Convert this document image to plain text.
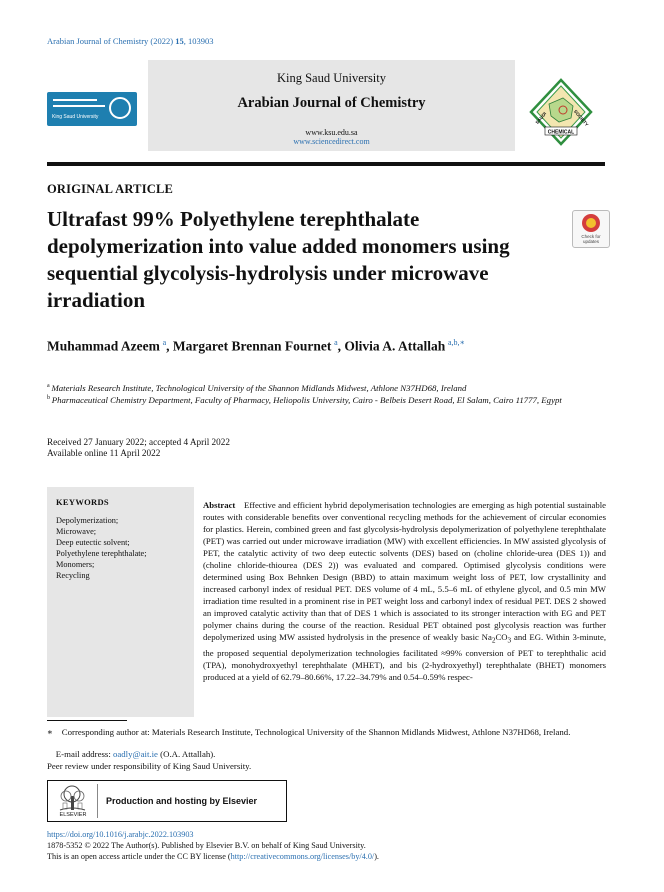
Arabian Journal of Chemistry (2022) 15, 103903
King Saud University
King Saud University
Arabian Journal of Chemistry
www.ksu.edu.sa
www.sciencedirect.com
CHEMICAL
SAUDI	SOCIETY
ORIGINAL ARTICLE
Ultrafast 99% Polyethylene terephthalate depolymerization into value added monomers using sequential glycolysis-hydrolysis under microwave irradiation
Check for updates
Muhammad Azeem  $^a$, Margaret Brennan Fournet  $^a$, Olivia A. Attallah  $^{a,b,∗}$
$^a$  Materials Research Institute, Technological University of the Shannon Midlands Midwest, Athlone N37HD68, Ireland
$^b$  Pharmaceutical Chemistry Department, Faculty of Pharmacy, Heliopolis University, Cairo - Belbeis Desert Road, El Salam, Cairo 11777, Egypt
Received 27 January 2022; accepted 4 April 2022
Available online 11 April 2022
KEYWORDS
Depolymerization;
Microwave;
Deep eutectic solvent;
Polyethylene terephthalate;
Monomers;
Recycling
Abstract  Effective and efficient hybrid depolymerisation technologies are emerging as high potential sustainable routes with considerable benefits over conventional recycling methods for the achievement of circular economies for plastics. Herein, combined green and fast glycolysis-hydrolysis depolymerization of polyethylene terephthalate (PET) was carried out under microwave irradiation (MW) with excellent efficiencies. In MW assisted glycolysis of PET, the catalytic activity of two deep eutectic solvents (DES) based on (choline chloride-urea (DES 1)) and (choline chloride-thiourea (DES 2)) was evaluated and compared. Optimised glycolysis conditions were determined using Box Behnken Design (BBD) to attain maximum weight loss of PET, low crystallinity and increased carbonyl index of residual PET. DES volume of 4 mL, 5.5–6 mL of ethylene glycol, and 0.5 min MW irradiation time resulted in a prominent rise in PET weight loss and carbonyl index of residual PET. DES 2 showed an improved catalytic activity than that of DES 1 which is associated to its stronger interaction with EG and PET polymer chains during the course of the reaction. Residual PET obtained post glycolysis reaction was further depolymerized using MW assisted hydrolysis in the presence of weakly basic $Na_2CO_3$ and EG. Within 3-minute, the proposed sequential depolymerization technologies facilitated ≈99% conversion of PET to terephthalic acid (TPA), monohydroxyethyl terephthalate (MHET), and bis (2-hydroxyethyl) terephthalate (BHET) monomers produced at a yield of 62.79–80.66%, 17.22–34.79% and 0.54–0.59% respec-
∗ Corresponding author at: Materials Research Institute, Technological University of the Shannon Midlands Midwest, Athlone N37HD68, Ireland.
 E-mail address: oadly@ait.ie (O.A. Attallah).
Peer review under responsibility of King Saud University.
ELSEVIER
Production and hosting by Elsevier
https://doi.org/10.1016/j.arabjc.2022.103903
1878-5352 © 2022 The Author(s). Published by Elsevier B.V. on behalf of King Saud University.
This is an open access article under the CC BY license (http://creativecommons.org/licenses/by/4.0/).
